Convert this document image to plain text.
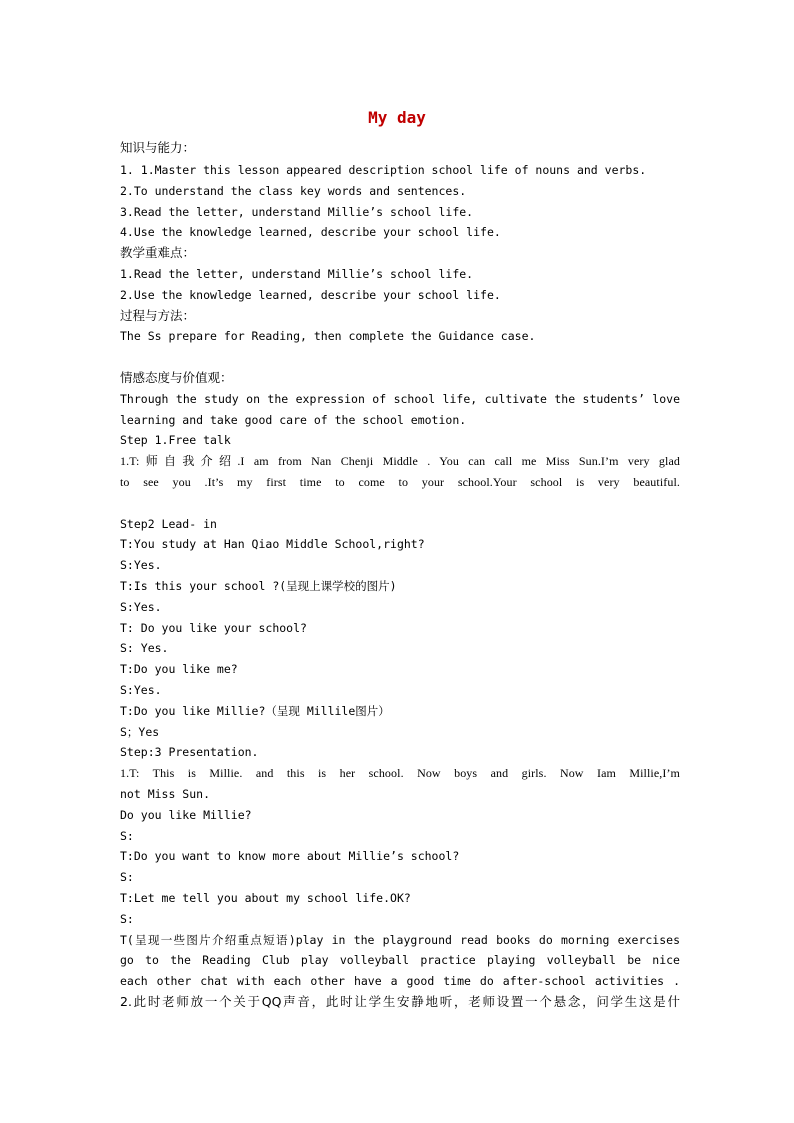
My day
知识与能力：
1. 1.Master this lesson appeared description school life of nouns and verbs.
2.To understand the class key words and sentences.
3.Read the letter, understand Millie’s school life.
4.Use the knowledge learned, describe your school life.
教学重难点：
1.Read the letter, understand Millie’s school life.
2.Use the knowledge learned, describe your school life.
过程与方法：
The Ss prepare for Reading, then complete the Guidance case.
情感态度与价值观：
Through the study on the expression of school life, cultivate the students’ love
learning and take good care of the school emotion.
Step 1.Free talk
1.T:师自我介绍.I am from Nan Chenji Middle . You can call me Miss Sun.I’m very glad
to see you .It’s my first time to come to your school.Your school is very beautiful.
Step2 Lead- in
T:You study at Han Qiao Middle School,right?
S:Yes.
T:Is this your school ?(呈现上课学校的图片)
S:Yes.
T: Do you like your school?
S: Yes.
T:Do you like me?
S:Yes.
T:Do you like Millie?（呈现 Millile图片）
S；Yes
Step:3 Presentation.
1.T: This is Millie. and this is her school. Now boys and girls. Now Iam Millie,I’m
not Miss Sun.
Do you like Millie?
S:
T:Do you want to know more about Millie’s school?
S:
T:Let me tell you about my school life.OK?
S:
T(呈现一些图片介绍重点短语)play in the playground read books do morning exercises
go to the Reading Club play volleyball practice playing volleyball be nice
each other chat with each other have a good time do after-school activities .
2.此时老师放一个关于QQ声音，此时让学生安静地听，老师设置一个悬念，问学生这是什
